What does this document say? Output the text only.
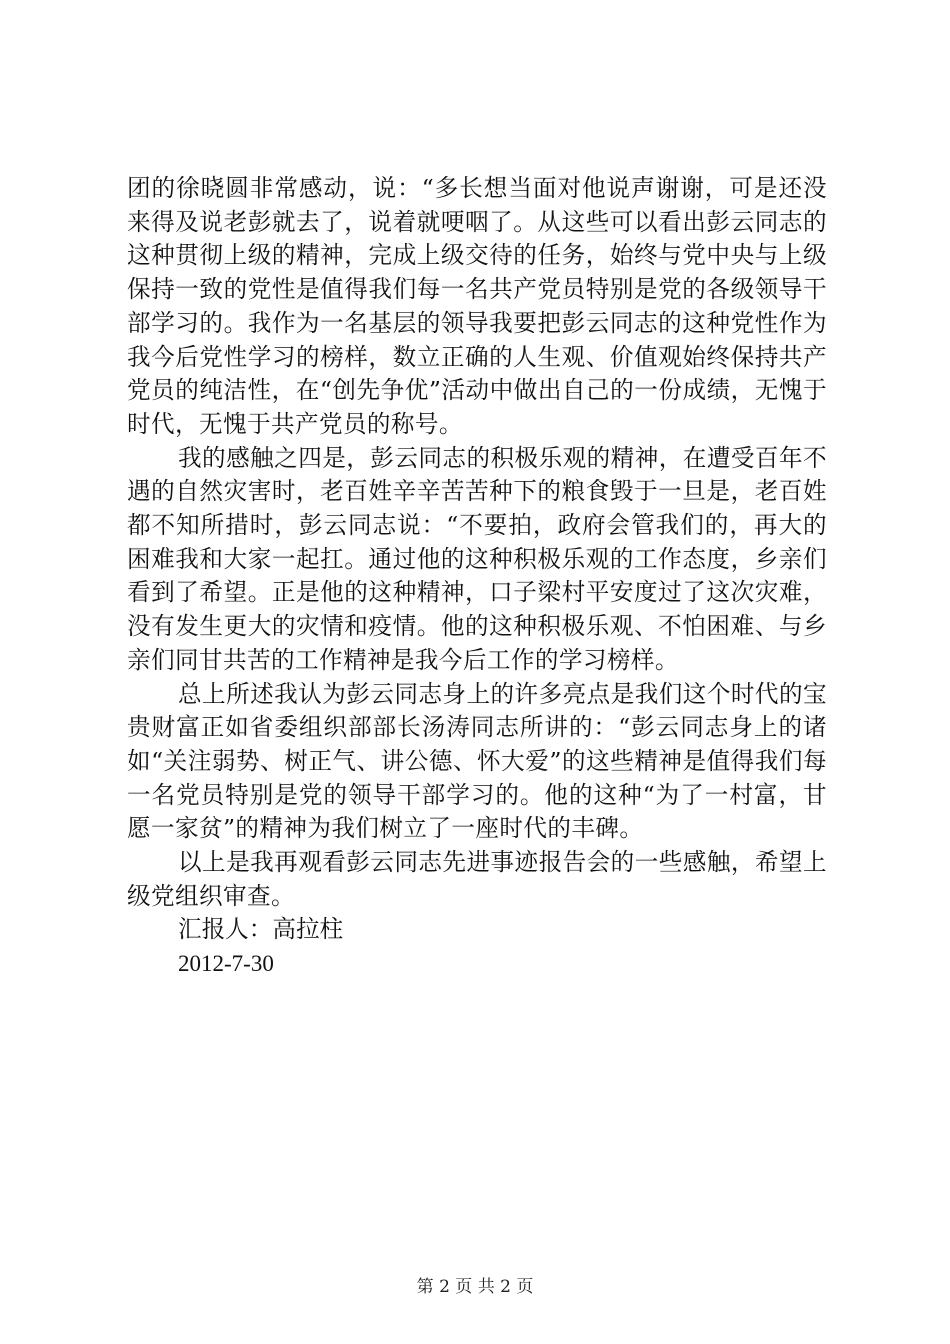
团的徐晓圆非常感动，说：“多长想当面对他说声谢谢，可是还没来得及说老彭就去了，说着就哽咽了。从这些可以看出彭云同志的这种贯彻上级的精神，完成上级交待的任务，始终与党中央与上级保持一致的党性是值得我们每一名共产党员特别是党的各级领导干部学习的。我作为一名基层的领导我要把彭云同志的这种党性作为我今后党性学习的榜样，数立正确的人生观、价值观始终保持共产党员的纯洁性，在“创先争优”活动中做出自己的一份成绩，无愧于时代，无愧于共产党员的称号。

我的感触之四是，彭云同志的积极乐观的精神，在遭受百年不遇的自然灾害时，老百姓辛辛苦苦种下的粮食毁于一旦是，老百姓都不知所措时，彭云同志说：“不要拍，政府会管我们的，再大的困难我和大家一起扛。通过他的这种积极乐观的工作态度，乡亲们看到了希望。正是他的这种精神，口子梁村平安度过了这次灾难，没有发生更大的灾情和疫情。他的这种积极乐观、不怕困难、与乡亲们同甘共苦的工作精神是我今后工作的学习榜样。

总上所述我认为彭云同志身上的许多亮点是我们这个时代的宝贵财富正如省委组织部部长汤涛同志所讲的：“彭云同志身上的诸如“关注弱势、树正气、讲公德、怀大爱”的这些精神是值得我们每一名党员特别是党的领导干部学习的。他的这种“为了一村富，甘愿一家贫”的精神为我们树立了一座时代的丰碑。

以上是我再观看彭云同志先进事迹报告会的一些感触，希望上级党组织审查。

汇报人：高拉柱

2012-7-30

第 2 页 共 2 页
